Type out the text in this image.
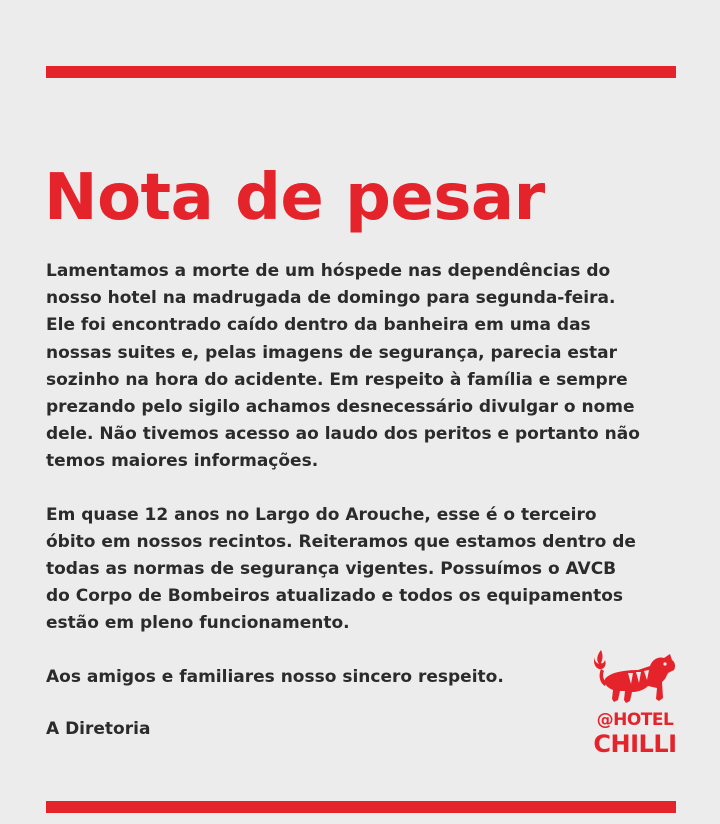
Nota de pesar

Lamentamos a morte de um hóspede nas dependências do
nosso hotel na madrugada de domingo para segunda-feira.
Ele foi encontrado caído dentro da banheira em uma das
nossas suites e, pelas imagens de segurança, parecia estar
sozinho na hora do acidente. Em respeito à família e sempre
prezando pelo sigilo achamos desnecessário divulgar o nome
dele. Não tivemos acesso ao laudo dos peritos e portanto não
temos maiores informações.

Em quase 12 anos no Largo do Arouche, esse é o terceiro
óbito em nossos recintos. Reiteramos que estamos dentro de
todas as normas de segurança vigentes. Possuímos o AVCB
do Corpo de Bombeiros atualizado e todos os equipamentos
estão em pleno funcionamento.

Aos amigos e familiares nosso sincero respeito.

A Diretoria	@HOTEL
CHILLI
